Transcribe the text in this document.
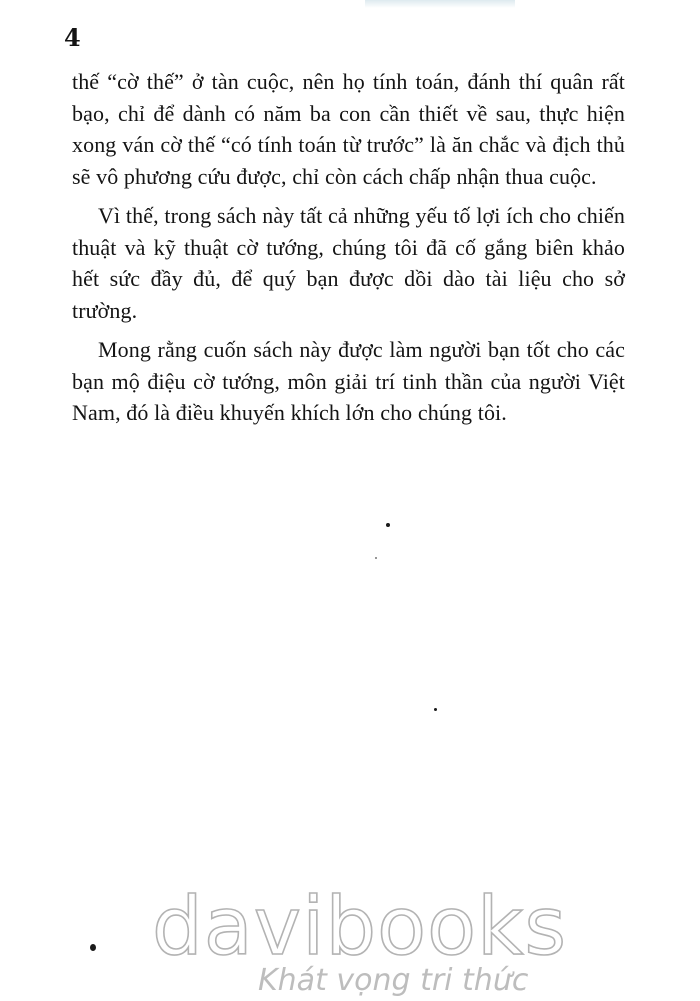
4

thế “cờ thế” ở tàn cuộc, nên họ tính toán, đánh thí quân rất bạo, chỉ để dành có năm ba con cần thiết về sau, thực hiện xong ván cờ thế “có tính toán từ trước” là ăn chắc và địch thủ sẽ vô phương cứu được, chỉ còn cách chấp nhận thua cuộc.

Vì thế, trong sách này tất cả những yếu tố lợi ích cho chiến thuật và kỹ thuật cờ tướng, chúng tôi đã cố gắng biên khảo hết sức đầy đủ, để quý bạn được dồi dào tài liệu cho sở trường.

Mong rằng cuốn sách này được làm người bạn tốt cho các bạn mộ điệu cờ tướng, môn giải trí tinh thần của người Việt Nam, đó là điều khuyến khích lớn cho chúng tôi.

davibooks
Khát vọng tri thức
